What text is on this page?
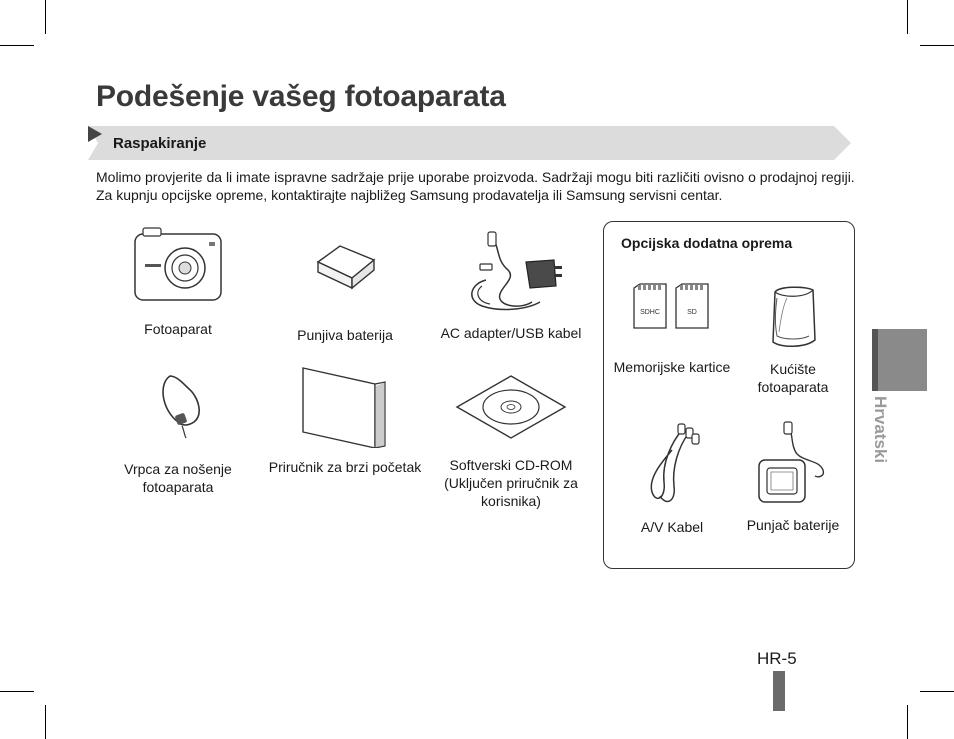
Podešenje vašeg fotoaparata
Raspakiranje

Molimo provjerite da li imate ispravne sadržaje prije uporabe proizvoda. Sadržaji mogu biti različiti ovisno o prodajnoj regiji. Za kupnju opcijske opreme, kontaktirajte najbližeg Samsung prodavatelja ili Samsung servisni centar.

Fotoaparat	Punjiva baterija	AC adapter/USB kabel
Vrpca za nošenje
fotoaparata
Priručnik za brzi početak	Softverski CD-ROM
(Uključen priručnik za
korisnika)
Opcijska dodatna oprema
SDHC	SD
Memorijske kartice	Kućište
fotoaparata
A/V Kabel	Punjač baterije
Hrvatski
HR-5
